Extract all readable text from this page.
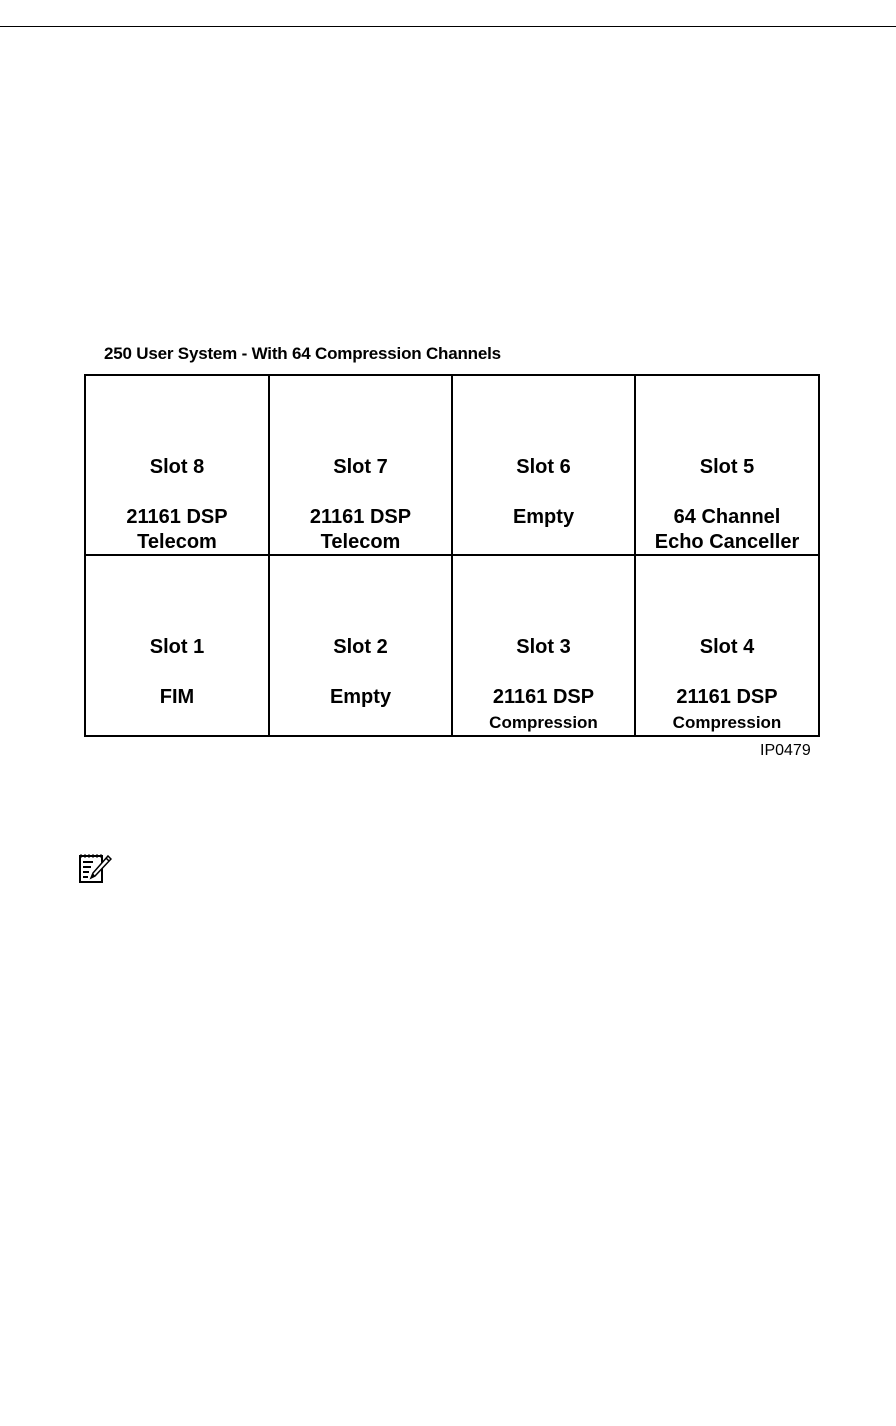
250 User System - With 64 Compression Channels
Slot 8
21161 DSP
Telecom
Slot 7
21161 DSP
Telecom
Slot 6
Empty
Slot 5
64 Channel
Echo Canceller
Slot 1
FIM
Slot 2
Empty
Slot 3
21161 DSP
Compression
Slot 4
21161 DSP
Compression
IP0479
